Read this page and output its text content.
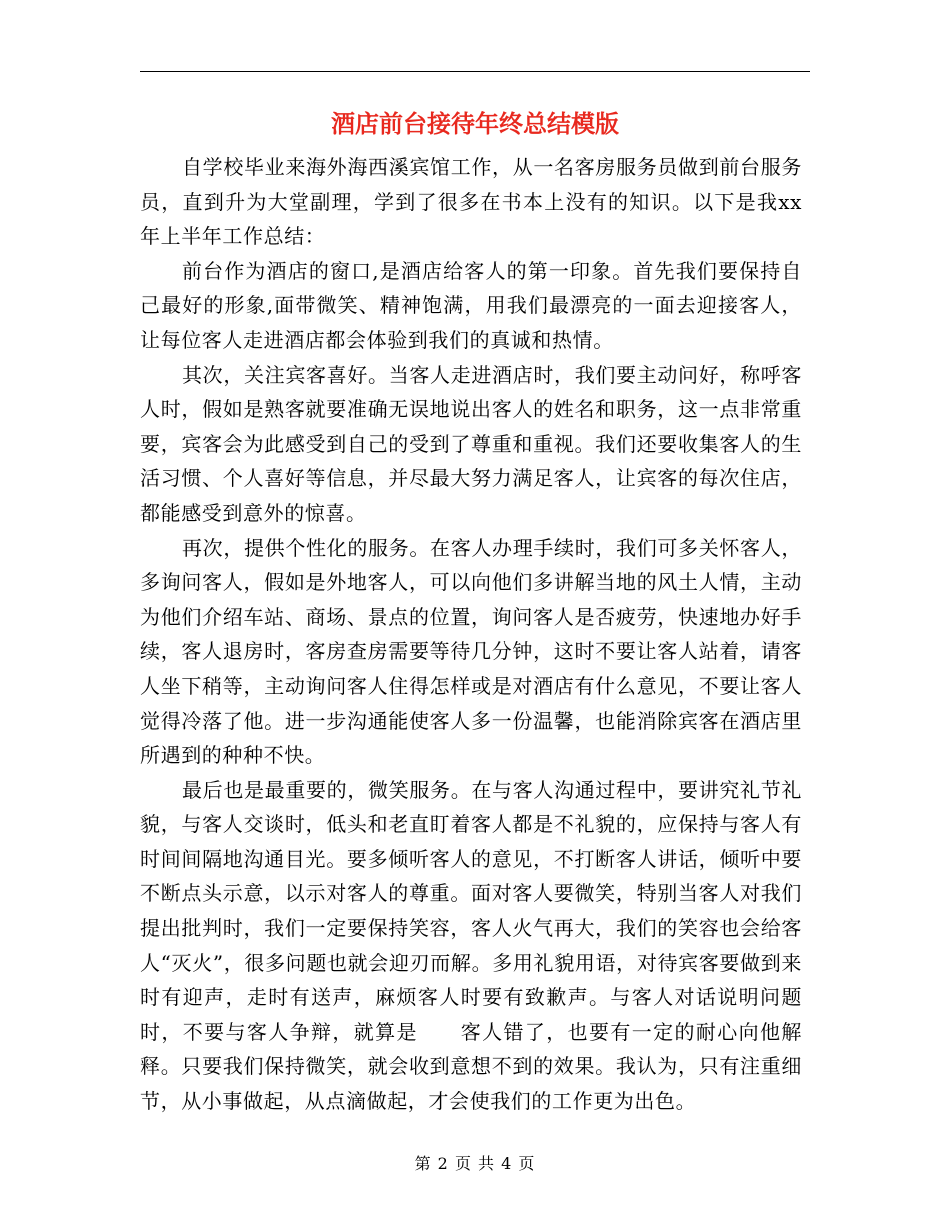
酒店前台接待年终总结模版

自学校毕业来海外海西溪宾馆工作，从一名客房服务员做到前台服务员，直到升为大堂副理，学到了很多在书本上没有的知识。以下是我xx年上半年工作总结：

前台作为酒店的窗口,是酒店给客人的第一印象。首先我们要保持自己最好的形象,面带微笑、精神饱满，用我们最漂亮的一面去迎接客人，让每位客人走进酒店都会体验到我们的真诚和热情。

其次，关注宾客喜好。当客人走进酒店时，我们要主动问好，称呼客人时，假如是熟客就要准确无误地说出客人的姓名和职务，这一点非常重要，宾客会为此感受到自己的受到了尊重和重视。我们还要收集客人的生活习惯、个人喜好等信息，并尽最大努力满足客人，让宾客的每次住店，都能感受到意外的惊喜。

再次，提供个性化的服务。在客人办理手续时，我们可多关怀客人，多询问客人，假如是外地客人，可以向他们多讲解当地的风土人情，主动为他们介绍车站、商场、景点的位置，询问客人是否疲劳，快速地办好手续，客人退房时，客房查房需要等待几分钟，这时不要让客人站着，请客人坐下稍等，主动询问客人住得怎样或是对酒店有什么意见，不要让客人觉得冷落了他。进一步沟通能使客人多一份温馨，也能消除宾客在酒店里所遇到的种种不快。

最后也是最重要的，微笑服务。在与客人沟通过程中，要讲究礼节礼貌，与客人交谈时，低头和老直盯着客人都是不礼貌的，应保持与客人有时间间隔地沟通目光。要多倾听客人的意见，不打断客人讲话，倾听中要不断点头示意，以示对客人的尊重。面对客人要微笑，特别当客人对我们提出批判时，我们一定要保持笑容，客人火气再大，我们的笑容也会给客人“灭火”，很多问题也就会迎刃而解。多用礼貌用语，对待宾客要做到来时有迎声，走时有送声，麻烦客人时要有致歉声。与客人对话说明问题时，不要与客人争辩，就算是　　客人错了，也要有一定的耐心向他解释。只要我们保持微笑，就会收到意想不到的效果。我认为，只有注重细节，从小事做起，从点滴做起，才会使我们的工作更为出色。

第 2 页 共 4 页
